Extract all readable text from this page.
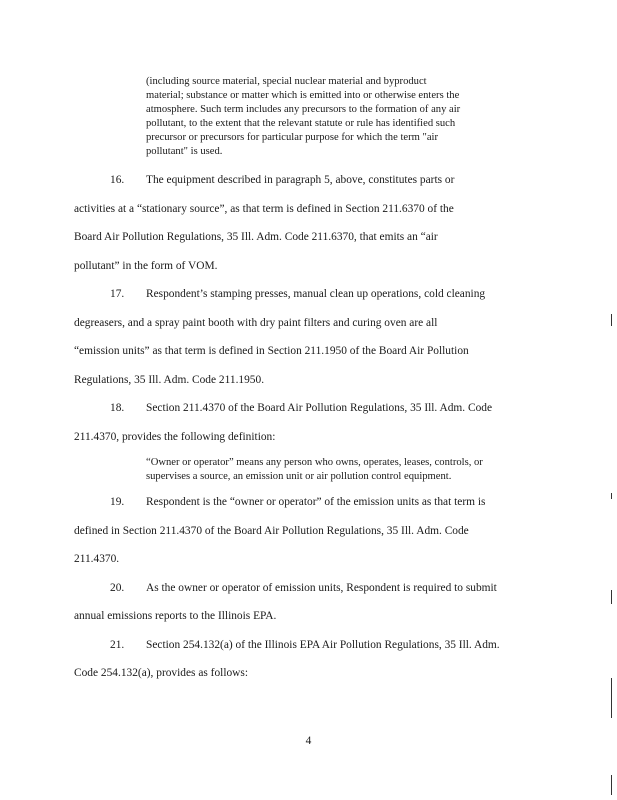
(including source material, special nuclear material and byproduct
material; substance or matter which is emitted into or otherwise enters the
atmosphere. Such term includes any precursors to the formation of any air
pollutant, to the extent that the relevant statute or rule has identified such
precursor or precursors for particular purpose for which the term "air
pollutant" is used.
16. The equipment described in paragraph 5, above, constitutes parts or
activities at a “stationary source”, as that term is defined in Section 211.6370 of the
Board Air Pollution Regulations, 35 Ill. Adm. Code 211.6370, that emits an “air
pollutant” in the form of VOM.
17. Respondent’s stamping presses, manual clean up operations, cold cleaning
degreasers, and a spray paint booth with dry paint filters and curing oven are all
“emission units” as that term is defined in Section 211.1950 of the Board Air Pollution
Regulations, 35 Ill. Adm. Code 211.1950.
18. Section 211.4370 of the Board Air Pollution Regulations, 35 Ill. Adm. Code
211.4370, provides the following definition:
“Owner or operator” means any person who owns, operates, leases, controls, or
supervises a source, an emission unit or air pollution control equipment.
19. Respondent is the “owner or operator” of the emission units as that term is
defined in Section 211.4370 of the Board Air Pollution Regulations, 35 Ill. Adm. Code
211.4370.
20. As the owner or operator of emission units, Respondent is required to submit
annual emissions reports to the Illinois EPA.
21. Section 254.132(a) of the Illinois EPA Air Pollution Regulations, 35 Ill. Adm.
Code 254.132(a), provides as follows:
4
